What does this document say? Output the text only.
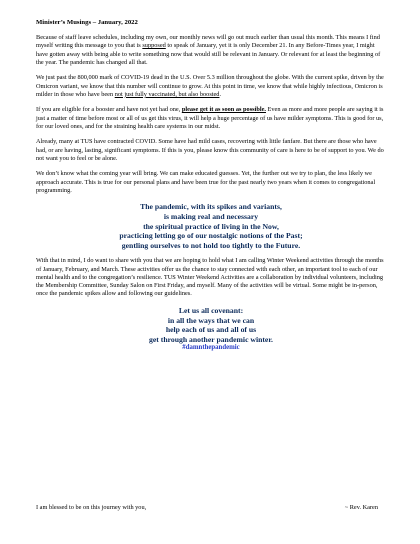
Minister’s Musings – January, 2022

Because of staff leave schedules, including my own, our monthly news will go out much earlier than usual this month. This means I find myself writing this message to you that is supposed to speak of January, yet it is only December 21. In any Before-Times year, I might have gotten away with being able to write something now that would still be relevant in January. Or relevant for at least the beginning of the year. The pandemic has changed all that.

We just past the 800,000 mark of COVID-19 dead in the U.S. Over 5.3 million throughout the globe. With the current spike, driven by the Omicron variant, we know that this number will continue to grow. At this point in time, we know that while highly infectious, Omicron is milder in those who have been not just fully vaccinated, but also boosted.

If you are eligible for a booster and have not yet had one, please get it as soon as possible. Even as more and more people are saying it is just a matter of time before most or all of us get this virus, it will help a huge percentage of us have milder symptoms. This is good for us, for our loved ones, and for the straining health care systems in our midst.

Already, many at TUS have contracted COVID. Some have had mild cases, recovering with little fanfare. But there are those who have had, or are having, lasting, significant symptoms. If this is you, please know this community of care is here to be of support to you. We do not want you to feel or be alone.

We don’t know what the coming year will bring. We can make educated guesses. Yet, the further out we try to plan, the less likely we approach accurate. This is true for our personal plans and have been true for the past nearly two years when it comes to congregational programming.

The pandemic, with its spikes and variants,
is making real and necessary
the spiritual practice of living in the Now,
practicing letting go of our nostalgic notions of the Past;
gentling ourselves to not hold too tightly to the Future.

With that in mind, I do want to share with you that we are hoping to hold what I am calling Winter Weekend activities through the months of January, February, and March. These activities offer us the chance to stay connected with each other, an important tool to each of our mental health and to the congregation’s resilience. TUS Winter Weekend Activities are a collaboration by individual volunteers, including the Membership Committee, Sunday Salon on First Friday, and myself. Many of the activities will be virtual. Some might be in-person, once the pandemic spikes allow and following our guidelines.

Let us all covenant:
in all the ways that we can
help each of us and all of us
get through another pandemic winter.
#damnthepandemic
I am blessed to be on this journey with you,	~ Rev. Karen
